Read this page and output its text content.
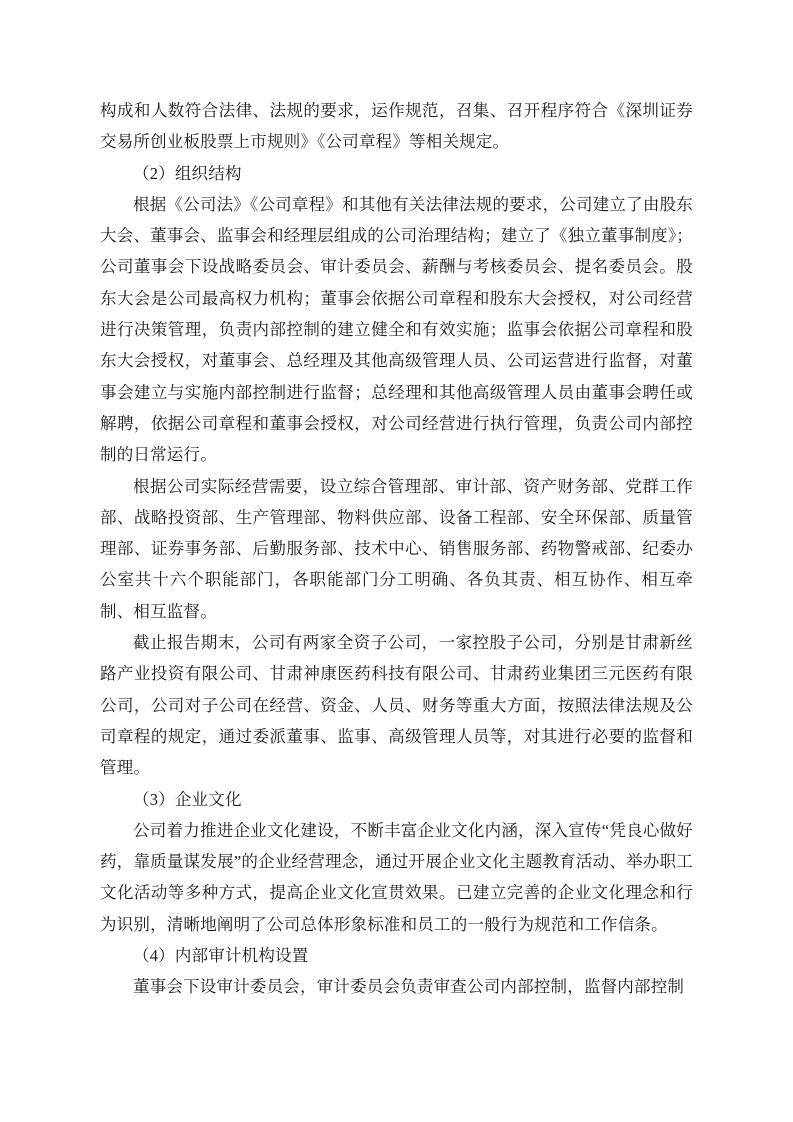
构成和人数符合法律、法规的要求，运作规范，召集、召开程序符合《深圳证券交易所创业板股票上市规则》《公司章程》等相关规定。

（2）组织结构

根据《公司法》《公司章程》和其他有关法律法规的要求，公司建立了由股东大会、董事会、监事会和经理层组成的公司治理结构；建立了《独立董事制度》；公司董事会下设战略委员会、审计委员会、薪酬与考核委员会、提名委员会。股东大会是公司最高权力机构；董事会依据公司章程和股东大会授权，对公司经营进行决策管理，负责内部控制的建立健全和有效实施；监事会依据公司章程和股东大会授权，对董事会、总经理及其他高级管理人员、公司运营进行监督，对董事会建立与实施内部控制进行监督；总经理和其他高级管理人员由董事会聘任或解聘，依据公司章程和董事会授权，对公司经营进行执行管理，负责公司内部控制的日常运行。

根据公司实际经营需要，设立综合管理部、审计部、资产财务部、党群工作部、战略投资部、生产管理部、物料供应部、设备工程部、安全环保部、质量管理部、证券事务部、后勤服务部、技术中心、销售服务部、药物警戒部、纪委办公室共十六个职能部门，各职能部门分工明确、各负其责、相互协作、相互牵制、相互监督。

截止报告期末，公司有两家全资子公司，一家控股子公司，分别是甘肃新丝路产业投资有限公司、甘肃神康医药科技有限公司、甘肃药业集团三元医药有限公司，公司对子公司在经营、资金、人员、财务等重大方面，按照法律法规及公司章程的规定，通过委派董事、监事、高级管理人员等，对其进行必要的监督和管理。

（3）企业文化

公司着力推进企业文化建设，不断丰富企业文化内涵，深入宣传“凭良心做好药，靠质量谋发展”的企业经营理念，通过开展企业文化主题教育活动、举办职工文化活动等多种方式，提高企业文化宣贯效果。已建立完善的企业文化理念和行为识别，清晰地阐明了公司总体形象标准和员工的一般行为规范和工作信条。

（4）内部审计机构设置

董事会下设审计委员会，审计委员会负责审查公司内部控制，监督内部控制
